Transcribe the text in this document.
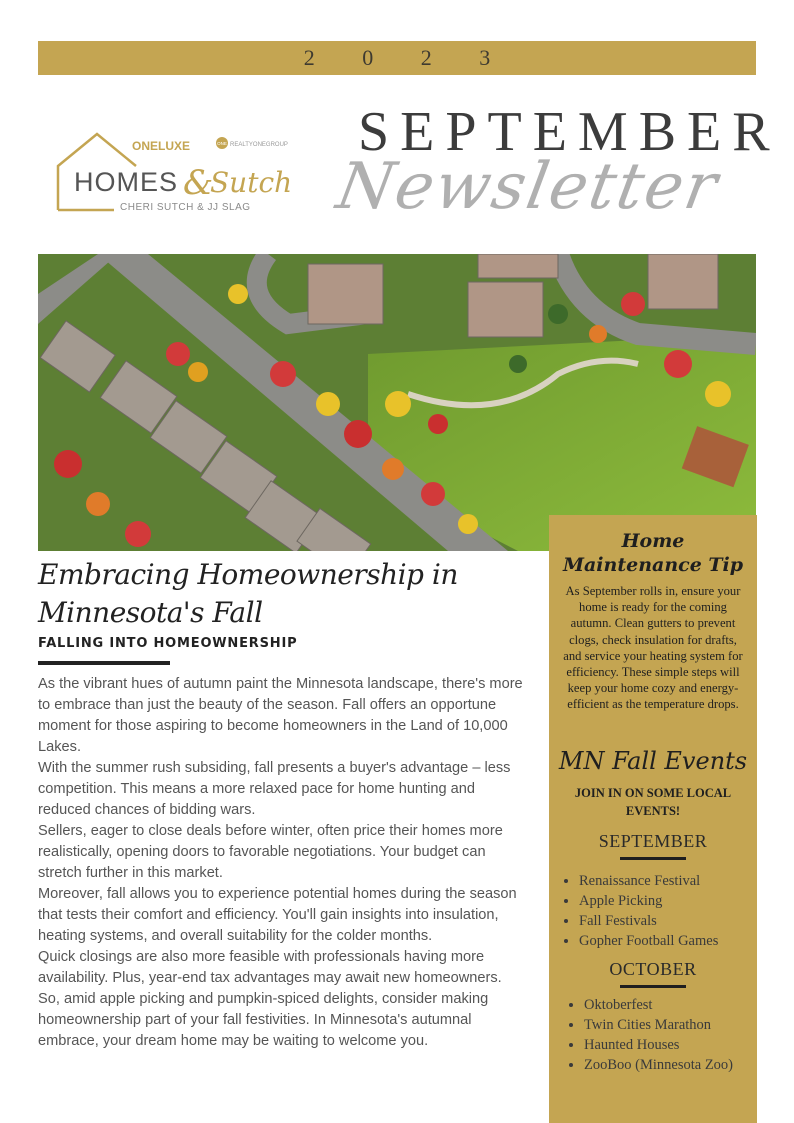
2 0 2 3
ONELUXE	ONE REALTYONEGROUP
HOMES &
Sutch
CHERI SUTCH & JJ SLAG
SEPTEMBER
Newsletter
Embracing Homeownership in Minnesota's Fall
FALLING INTO HOMEOWNERSHIP

As the vibrant hues of autumn paint the Minnesota landscape, there's more to embrace than just the beauty of the season. Fall offers an opportune moment for those aspiring to become homeowners in the Land of 10,000 Lakes.

With the summer rush subsiding, fall presents a buyer's advantage – less competition. This means a more relaxed pace for home hunting and reduced chances of bidding wars.

Sellers, eager to close deals before winter, often price their homes more realistically, opening doors to favorable negotiations. Your budget can stretch further in this market.

Moreover, fall allows you to experience potential homes during the season that tests their comfort and efficiency. You'll gain insights into insulation, heating systems, and overall suitability for the colder months.

Quick closings are also more feasible with professionals having more availability. Plus, year-end tax advantages may await new homeowners.

So, amid apple picking and pumpkin-spiced delights, consider making homeownership part of your fall festivities. In Minnesota's autumnal embrace, your dream home may be waiting to welcome you.

Home Maintenance Tip
As September rolls in, ensure your home is ready for the coming autumn. Clean gutters to prevent clogs, check insulation for drafts, and service your heating system for efficiency. These simple steps will keep your home cozy and energy-efficient as the temperature drops.
MN Fall Events
JOIN IN ON SOME LOCAL EVENTS!
SEPTEMBER
• Renaissance Festival
• Apple Picking
• Fall Festivals
• Gopher Football Games
OCTOBER
• Oktoberfest
• Twin Cities Marathon
• Haunted Houses
• ZooBoo (Minnesota Zoo)
